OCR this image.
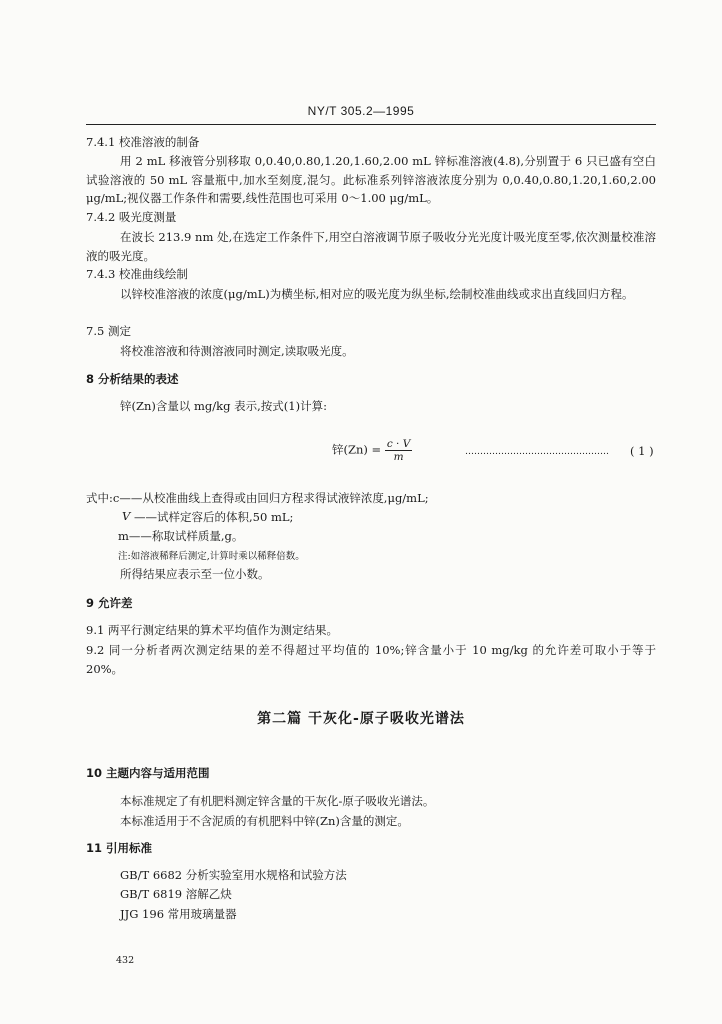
NY/T 305.2—1995
7.4.1 校准溶液的制备
用 2 mL 移液管分别移取 0,0.40,0.80,1.20,1.60,2.00 mL 锌标准溶液(4.8),分别置于 6 只已盛有空白试验溶液的 50 mL 容量瓶中,加水至刻度,混匀。此标准系列锌溶液浓度分别为 0,0.40,0.80,1.20,1.60,2.00 μg/mL;视仪器工作条件和需要,线性范围也可采用 0～1.00 μg/mL。
7.4.2 吸光度测量
在波长 213.9 nm 处,在选定工作条件下,用空白溶液调节原子吸收分光光度计吸光度至零,依次测量校准溶液的吸光度。
7.4.3 校准曲线绘制
以锌校准溶液的浓度(μg/mL)为横坐标,相对应的吸光度为纵坐标,绘制校准曲线或求出直线回归方程。
7.5 测定
将校准溶液和待测溶液同时测定,读取吸光度。
8 分析结果的表述
锌(Zn)含量以 mg/kg 表示,按式(1)计算:
锌$(Zn) = \frac{c \cdot V}{m}$	………………………………………… ( 1 )
式中:c——从校准曲线上查得或由回归方程求得试液锌浓度,μg/mL;
V ——试样定容后的体积,50 mL;
m——称取试样质量,g。
注:如溶液稀释后测定,计算时乘以稀释倍数。
所得结果应表示至一位小数。
9 允许差
9.1 两平行测定结果的算术平均值作为测定结果。
9.2 同一分析者两次测定结果的差不得超过平均值的 10%;锌含量小于 10 mg/kg 的允许差可取小于等于 20%。
第二篇 干灰化-原子吸收光谱法
10 主题内容与适用范围
本标准规定了有机肥料测定锌含量的干灰化-原子吸收光谱法。
本标准适用于不含泥质的有机肥料中锌(Zn)含量的测定。
11 引用标准
GB/T 6682 分析实验室用水规格和试验方法
GB/T 6819 溶解乙炔
JJG 196 常用玻璃量器
432
